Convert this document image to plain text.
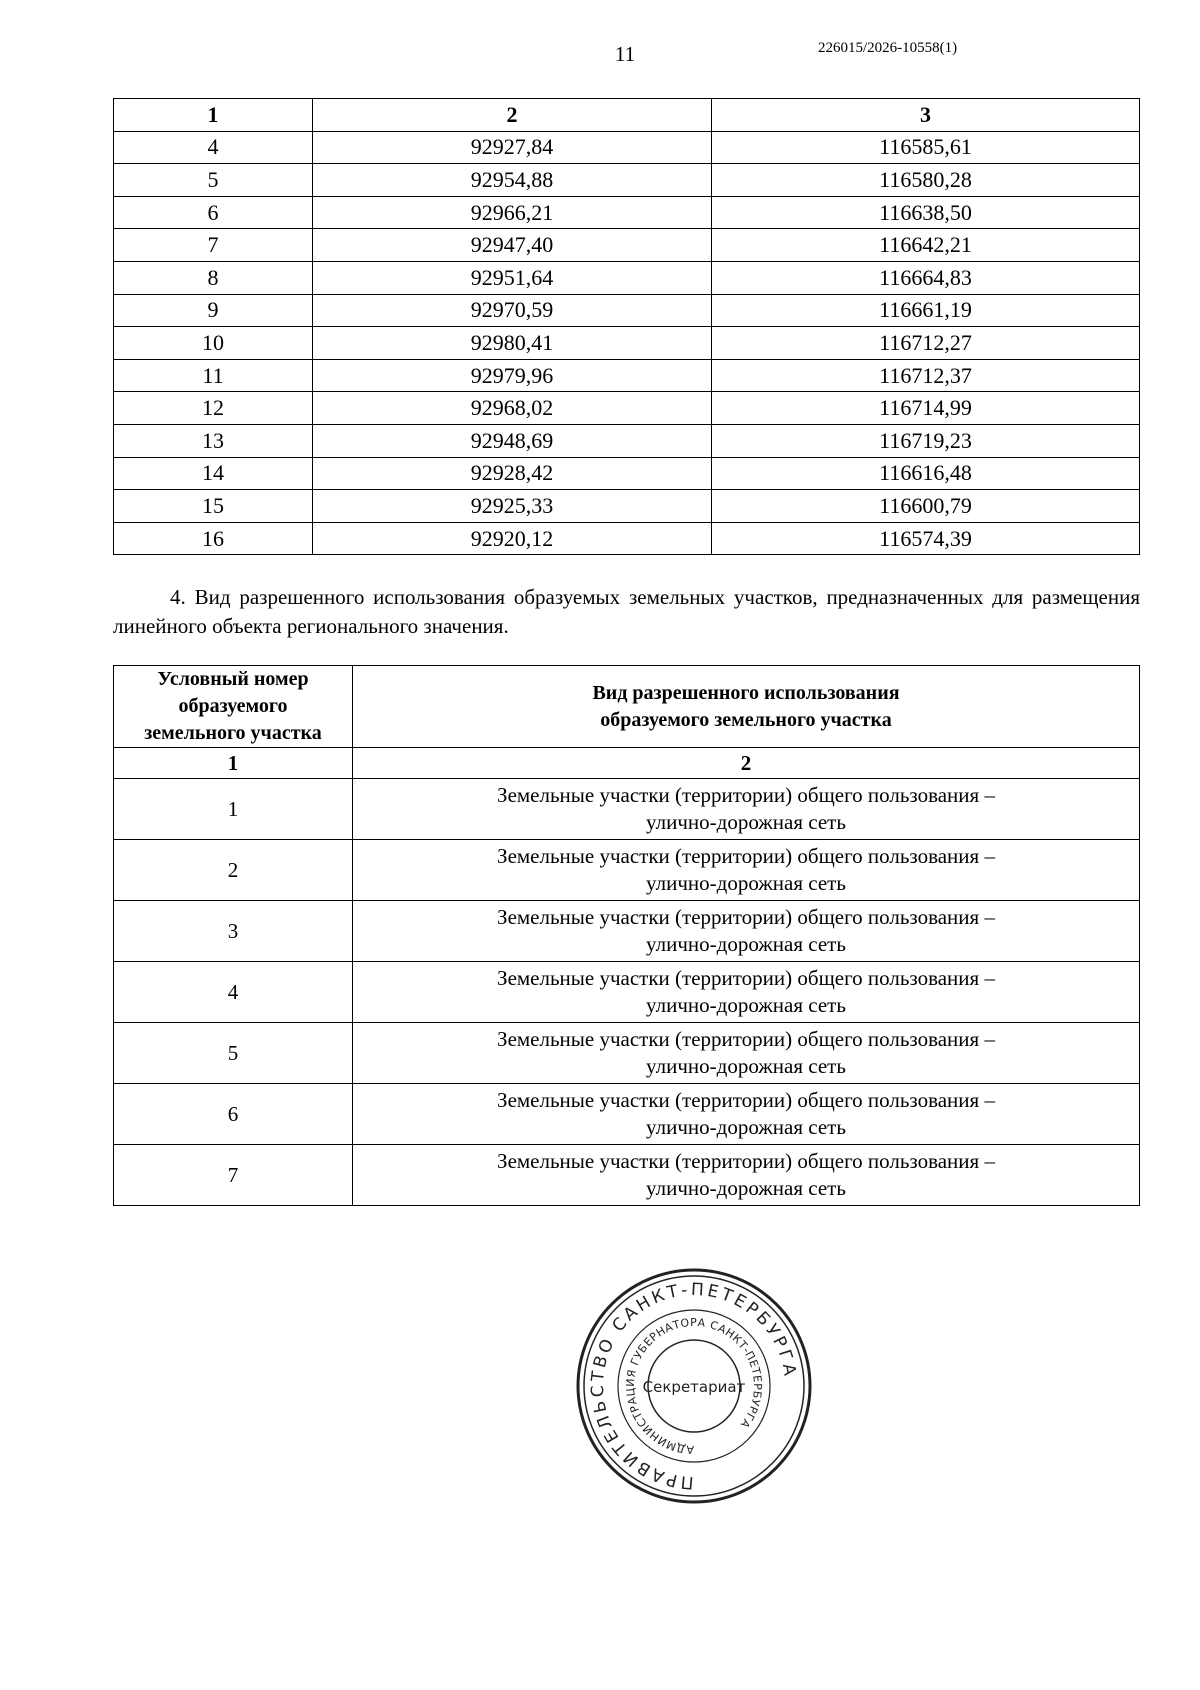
11	226015/2026-10558(1)
1	2	3
4	92927,84	116585,61
5	92954,88	116580,28
6	92966,21	116638,50
7	92947,40	116642,21
8	92951,64	116664,83
9	92970,59	116661,19
10	92980,41	116712,27
11	92979,96	116712,37
12	92968,02	116714,99
13	92948,69	116719,23
14	92928,42	116616,48
15	92925,33	116600,79
16	92920,12	116574,39
4. Вид разрешенного использования образуемых земельных участков, предназначенных для размещения линейного объекта регионального значения.
Условный номер
образуемого
земельного участка	Вид разрешенного использования
образуемого земельного участка
1	2
1	Земельные участки (территории) общего пользования –
улично-дорожная сеть
2	Земельные участки (территории) общего пользования –
улично-дорожная сеть
3	Земельные участки (территории) общего пользования –
улично-дорожная сеть
4	Земельные участки (территории) общего пользования –
улично-дорожная сеть
5	Земельные участки (территории) общего пользования –
улично-дорожная сеть
6	Земельные участки (территории) общего пользования –
улично-дорожная сеть
7	Земельные участки (территории) общего пользования –
улично-дорожная сеть
ПРАВИТЕЛЬСТВО САНКТ-ПЕТЕРБУРГА
АДМИНИСТРАЦИЯ ГУБЕРНАТОРА САНКТ-ПЕТЕРБУРГА
Секретариат
